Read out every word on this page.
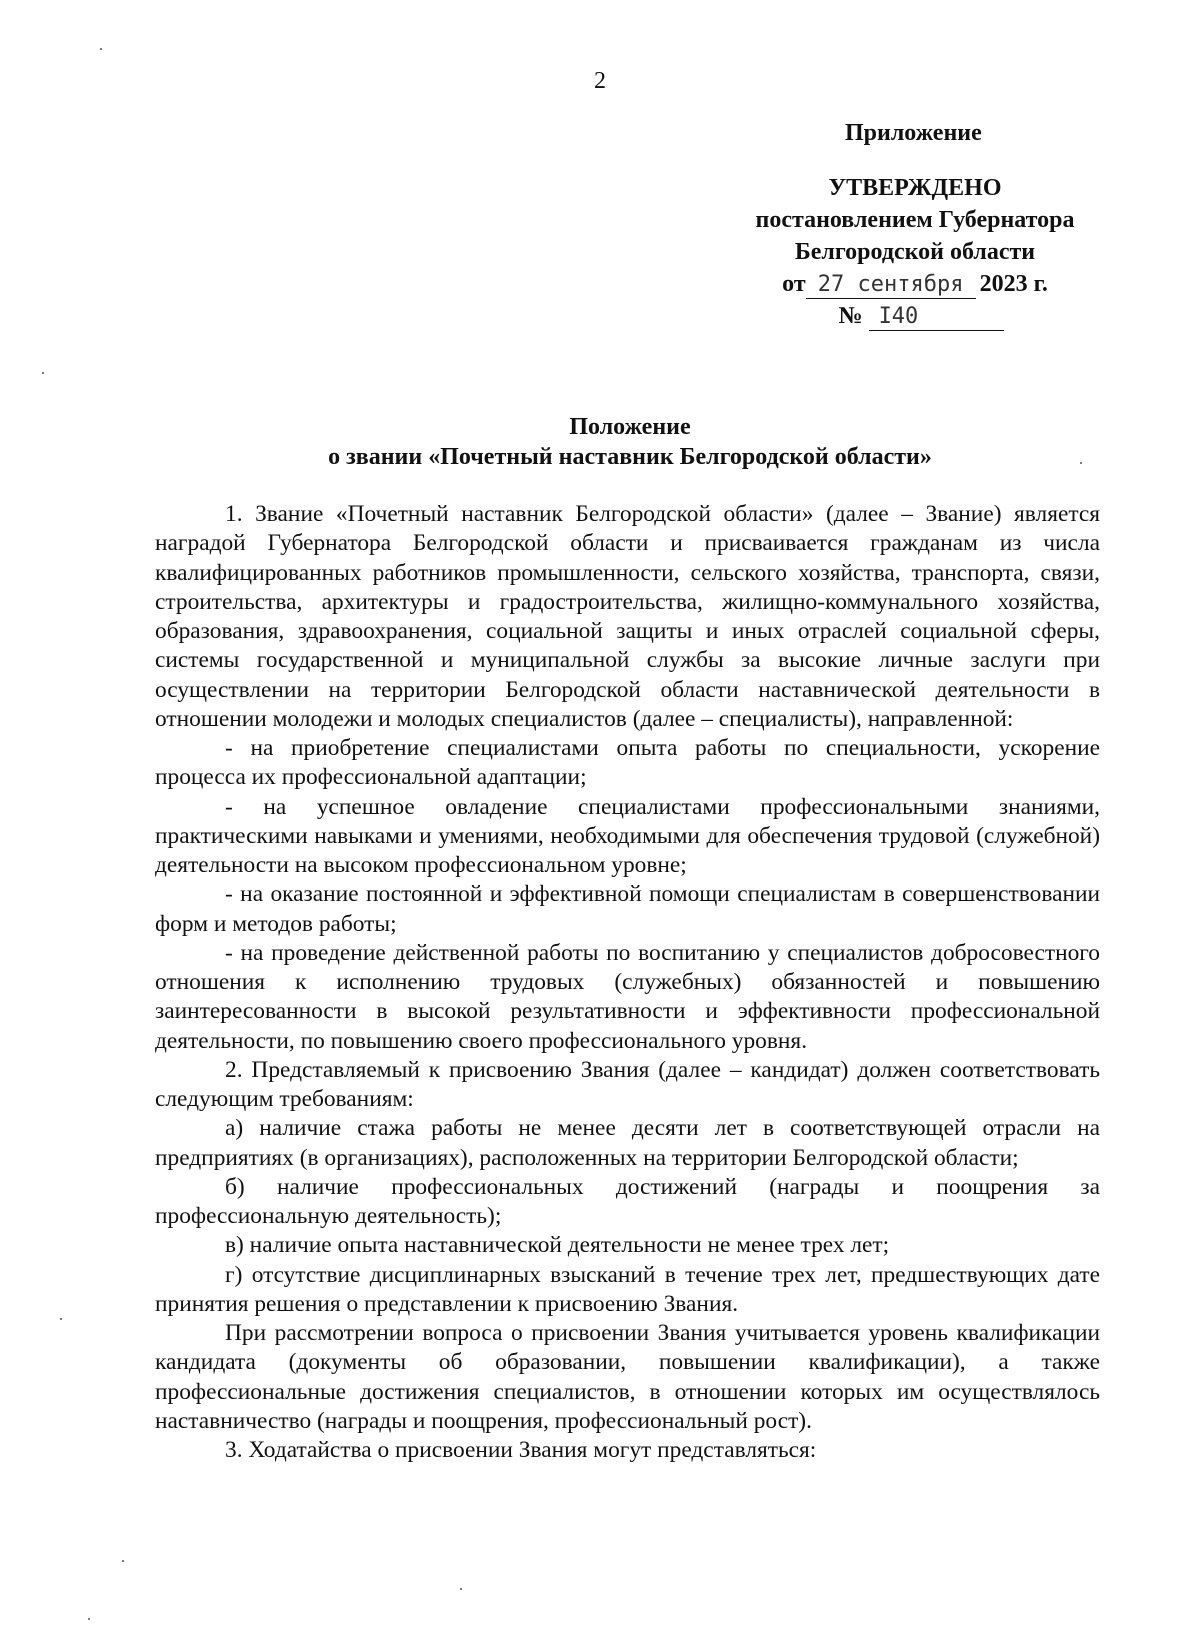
2
Приложение
УТВЕРЖДЕНО
постановлением Губернатора
Белгородской области
от 27 сентября 2023 г.
№ I40
Положение
о звании «Почетный наставник Белгородской области»

1. Звание «Почетный наставник Белгородской области» (далее – Звание) является наградой Губернатора Белгородской области и присваивается гражданам из числа квалифицированных работников промышленности, сельского хозяйства, транспорта, связи, строительства, архитектуры и градостроительства, жилищно-коммунального хозяйства, образования, здравоохранения, социальной защиты и иных отраслей социальной сферы, системы государственной и муниципальной службы за высокие личные заслуги при осуществлении на территории Белгородской области наставнической деятельности в отношении молодежи и молодых специалистов (далее – специалисты), направленной:

- на приобретение специалистами опыта работы по специальности, ускорение процесса их профессиональной адаптации;

- на успешное овладение специалистами профессиональными знаниями, практическими навыками и умениями, необходимыми для обеспечения трудовой (служебной) деятельности на высоком профессиональном уровне;

- на оказание постоянной и эффективной помощи специалистам в совершенствовании форм и методов работы;

- на проведение действенной работы по воспитанию у специалистов добросовестного отношения к исполнению трудовых (служебных) обязанностей и повышению заинтересованности в высокой результативности и эффективности профессиональной деятельности, по повышению своего профессионального уровня.

2. Представляемый к присвоению Звания (далее – кандидат) должен соответствовать следующим требованиям:

а) наличие стажа работы не менее десяти лет в соответствующей отрасли на предприятиях (в организациях), расположенных на территории Белгородской области;

б) наличие профессиональных достижений (награды и поощрения за профессиональную деятельность);

в) наличие опыта наставнической деятельности не менее трех лет;

г) отсутствие дисциплинарных взысканий в течение трех лет, предшествующих дате принятия решения о представлении к присвоению Звания.

При рассмотрении вопроса о присвоении Звания учитывается уровень квалификации кандидата (документы об образовании, повышении квалификации), а также профессиональные достижения специалистов, в отношении которых им осуществлялось наставничество (награды и поощрения, профессиональный рост).

3. Ходатайства о присвоении Звания могут представляться:
